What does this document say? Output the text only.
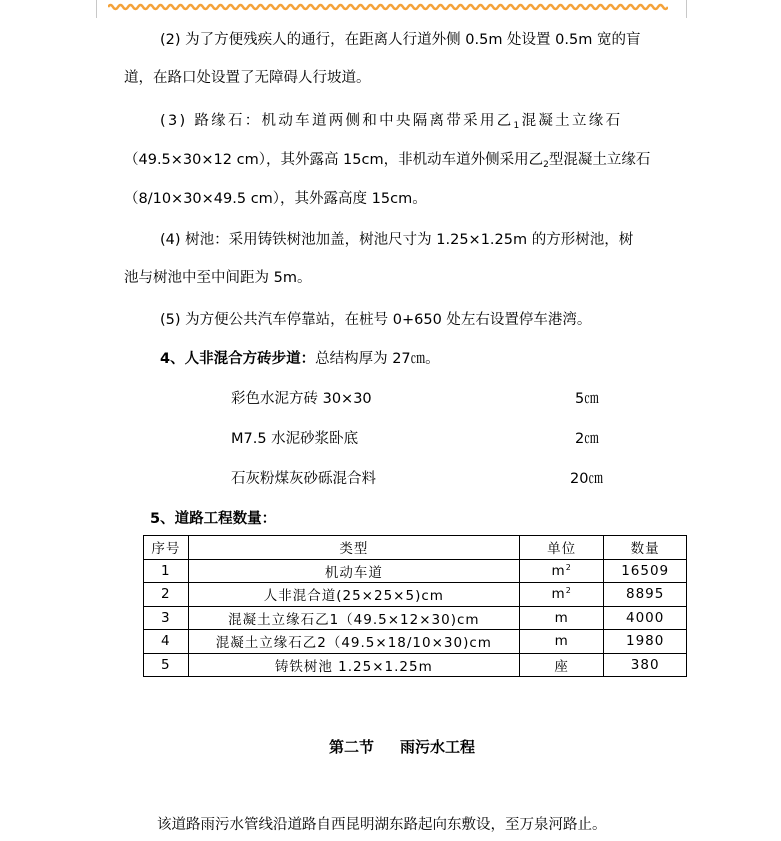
(2) 为了方便残疾人的通行，在距离人行道外侧 0.5m 处设置 0.5m 宽的盲
道，在路口处设置了无障碍人行坡道。
(3) 路缘石：机动车道两侧和中央隔离带采用乙$_1$混凝土立缘石
（49.5×30×12 cm），其外露高 15cm，非机动车道外侧采用乙$_2$型混凝土立缘石
（8/10×30×49.5 cm），其外露高度 15cm。
(4) 树池：采用铸铁树池加盖，树池尺寸为 1.25×1.25m 的方形树池，树
池与树池中至中间距为 5m。
(5) 为方便公共汽车停靠站，在桩号 0+650 处左右设置停车港湾。
4、人非混合方砖步道：总结构厚为 27㎝。
彩色水泥方砖 30×30	5㎝
M7.5 水泥砂浆卧底	2㎝
石灰粉煤灰砂砾混合料	20㎝
5、道路工程数量：
序号	类型	单位	数量
1	机动车道	$m^2$	16509
2	人非混合道(25×25×5)cm	$m^2$	8895
3	混凝土立缘石乙1（49.5×12×30)cm	m	4000
4	混凝土立缘石乙2（49.5×18/10×30)cm	m	1980
5	铸铁树池 1.25×1.25m	座	380
第二节 雨污水工程
该道路雨污水管线沿道路自西昆明湖东路起向东敷设，至万泉河路止。
